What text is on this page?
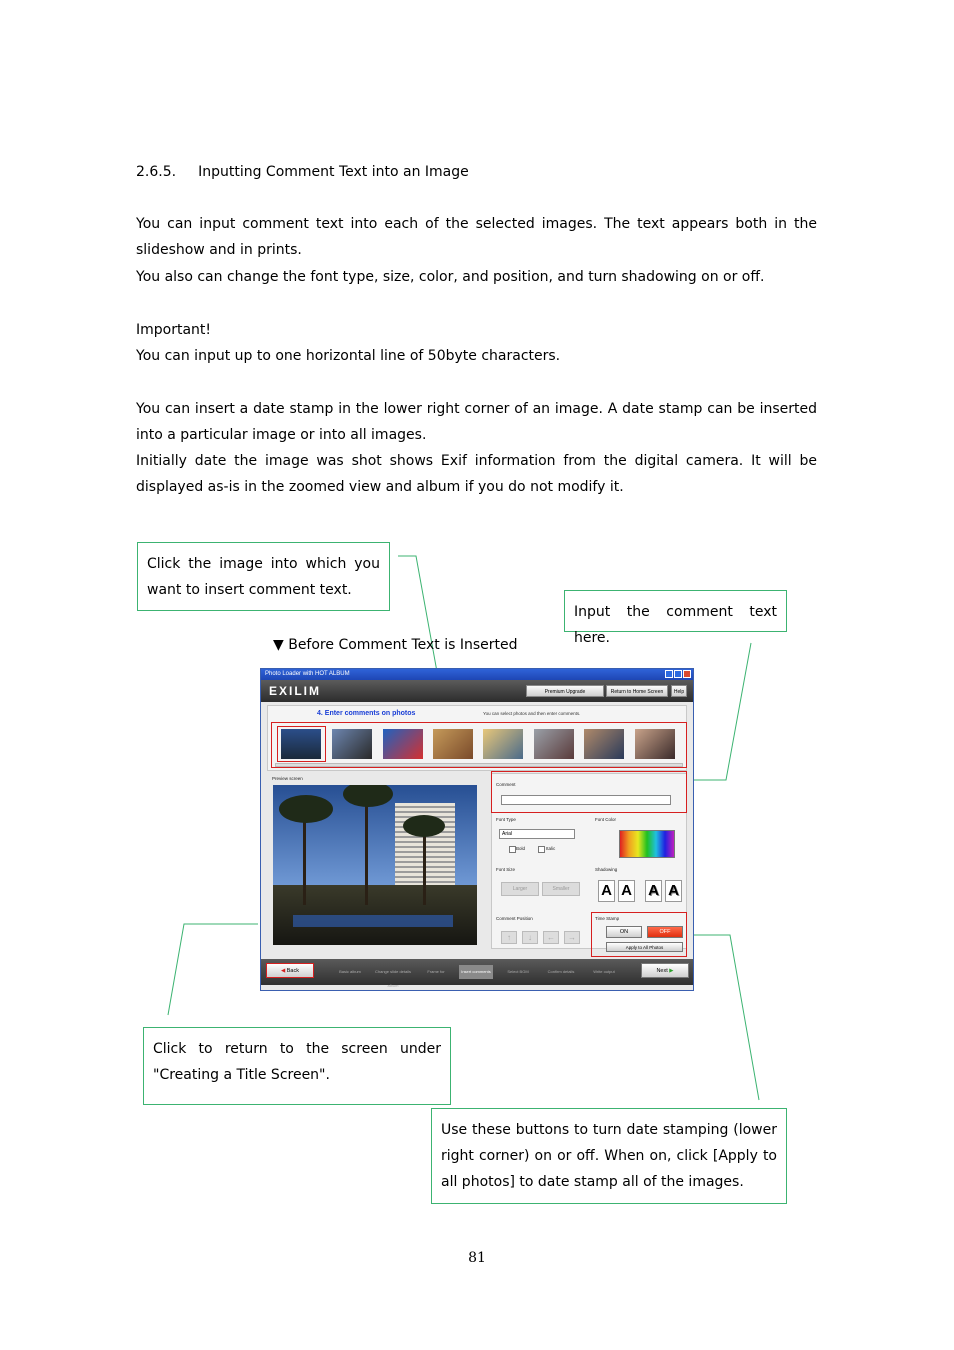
2.6.5. Inputting Comment Text into an Image

You can input comment text into each of the selected images. The text appears both in the slideshow and in prints.

You also can change the font type, size, color, and position, and turn shadowing on or off.

Important!

You can input up to one horizontal line of 50byte characters.

You can insert a date stamp in the lower right corner of an image. A date stamp can be inserted into a particular image or into all images.

Initially date the image was shot shows Exif information from the digital camera. It will be displayed as-is in the zoomed view and album if you do not modify it.

Click the image into which you want to insert comment text.
Input the comment text here.
Click to return to the screen under "Creating a Title Screen".
Use these buttons to turn date stamping (lower right corner) on or off. When on, click [Apply to all photos] to date stamp all of the images.
▼ Before Comment Text is Inserted
Photo Loader with HOT ALBUM
EXILIM	Premium Upgrade	Return to Home Screen	Help
4. Enter comments on photos	You can select photos and then enter comments.
Preview screen
Comment
Font Type
Arial
Bold	Italic
Font Color
Font Size
Larger	Smaller
Shadowing
A A A A
Comment Position
↑	↓	←	→
Time Stamp
ON	OFF
Apply to All Photos
◀ Back	Basic album	Change slide details album
Frame for	Insert comments	Select BGM	Confirm details	Write output	Next ▶
81
